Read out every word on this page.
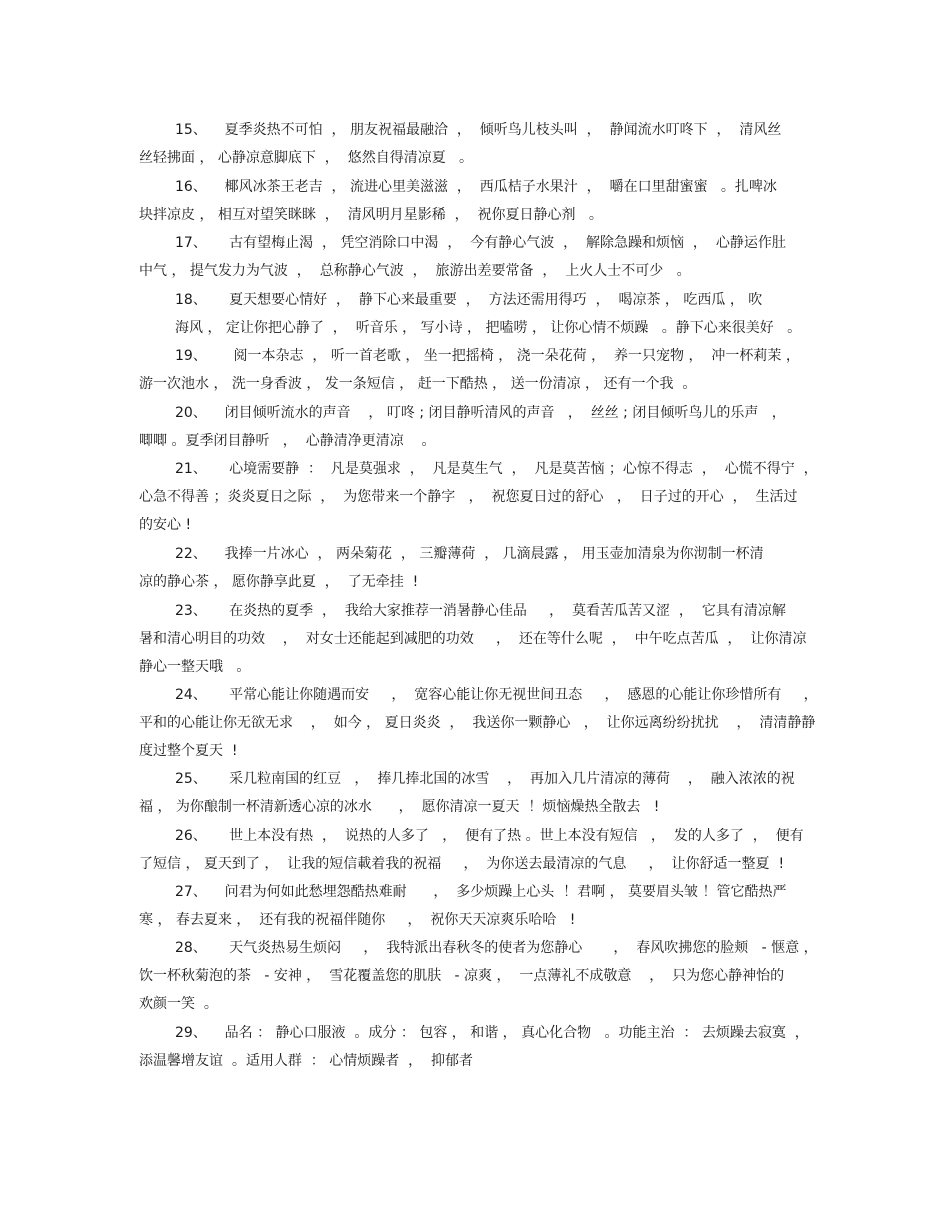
15、    夏季炎热不可怕  ， 朋友祝福最融洽  ，  倾听鸟儿枝头叫  ，  静闻流水叮咚下  ，  清风丝
丝轻拂面 ， 心静凉意脚底下  ，  悠然自得清凉夏   。
16、    椰风冰茶王老吉  ， 流进心里美滋滋  ，  西瓜桔子水果汁  ，  嚼在口里甜蜜蜜   。扎啤冰
块拌凉皮 ， 相互对望笑眯眯  ，  清风明月星影稀  ，  祝你夏日静心剂   。
17、     古有望梅止渴  ， 凭空消除口中渴  ，  今有静心气波  ，  解除急躁和烦恼  ，  心静运作肚
中气 ， 提气发力为气波  ，  总称静心气波  ，  旅游出差要常备  ，  上火人士不可少   。
18、     夏天想要心情好  ，  静下心来最重要  ，  方法还需用得巧  ，  喝凉茶 ， 吃西瓜 ， 吹
海风 ， 定让你把心静了  ，  听音乐 ， 写小诗 ， 把嗑唠 ， 让你心情不烦躁   。静下心来很美好   。
19、      阅一本杂志  ， 听一首老歌 ， 坐一把摇椅 ， 浇一朵花荷 ，  养一只宠物 ，  冲一杯莉茉 ，
游一次池水 ， 洗一身香波 ， 发一条短信 ， 赶一下酷热 ， 送一份清凉 ， 还有一个我  。
20、    闭目倾听流水的声音    ， 叮咚 ; 闭目静听清风的声音   ，  丝丝 ; 闭目倾听鸟儿的乐声   ，
唧唧 。夏季闭目静听   ，  心静清净更清凉    。
21、     心境需要静  ：  凡是莫强求  ，  凡是莫生气  ，  凡是莫苦恼 ；心惊不得志  ，  心慌不得宁  ，
心急不得善 ；炎炎夏日之际  ，  为您带来一个静字   ，  祝您夏日过的舒心   ，  日子过的开心  ，  生活过
的安心 !
22、    我捧一片冰心  ， 两朵菊花  ， 三瓣薄荷  ， 几滴晨露 ， 用玉壶加清泉为你沏制一杯清
凉的静心茶 ， 愿你静享此夏  ，  了无牵挂  !
23、     在炎热的夏季  ，  我给大家推荐一消暑静心佳品     ，  莫看苦瓜苦又涩  ，  它具有清凉解
暑和清心明目的功效    ，  对女士还能起到减肥的功效     ，  还在等什么呢  ，  中午吃点苦瓜  ，  让你清凉
静心一整天哦   。
24、     平常心能让你随遇而安     ，  宽容心能让你无视世间丑态     ，  感恩的心能让你珍惜所有     ，
平和的心能让你无欲无求    ，  如今 ， 夏日炎炎  ，  我送你一颗静心   ，  让你远离纷纷扰扰    ，  清清静静
度过整个夏天  !
25、     采几粒南国的红豆   ，  捧几捧北国的冰雪    ，  再加入几片清凉的薄荷    ，  融入浓浓的祝
福 ， 为你酿制一杯清新透心凉的冰水      ，  愿你清凉一夏天  ！烦恼燥热全散去   !
26、     世上本没有热  ，  说热的人多了   ，  便有了热 。世上本没有短信   ，  发的人多了  ，  便有
了短信 ， 夏天到了 ，  让我的短信載着我的祝福     ，  为你送去最清凉的气息     ，  让你舒适一整夏  !
27、    问君为何如此愁埋怨酷热难耐      ，  多少烦躁上心头  ！君啊 ， 莫要眉头皱 ！管它酷热严
寒 ， 春去夏来 ，  还有我的祝福伴随你     ，  祝你天天凉爽乐哈哈   !
28、     天气炎热易生烦闷     ，  我特派出春秋冬的使者为您静心       ，  春风吹拂您的脸颊   - 惬意 ，
饮一杯秋菊泡的茶   - 安神 ，  雪花覆盖您的肌肤   - 凉爽 ，  一点薄礼不成敬意    ，  只为您心静神怡的
欢颜一笑  。
29、    品名 ： 静心口服液  。成分 ： 包容 ， 和谐 ， 真心化合物   。功能主治  ： 去烦躁去寂寞  ，
添温馨增友谊  。适用人群  ： 心情烦躁者  ，  抑郁者
